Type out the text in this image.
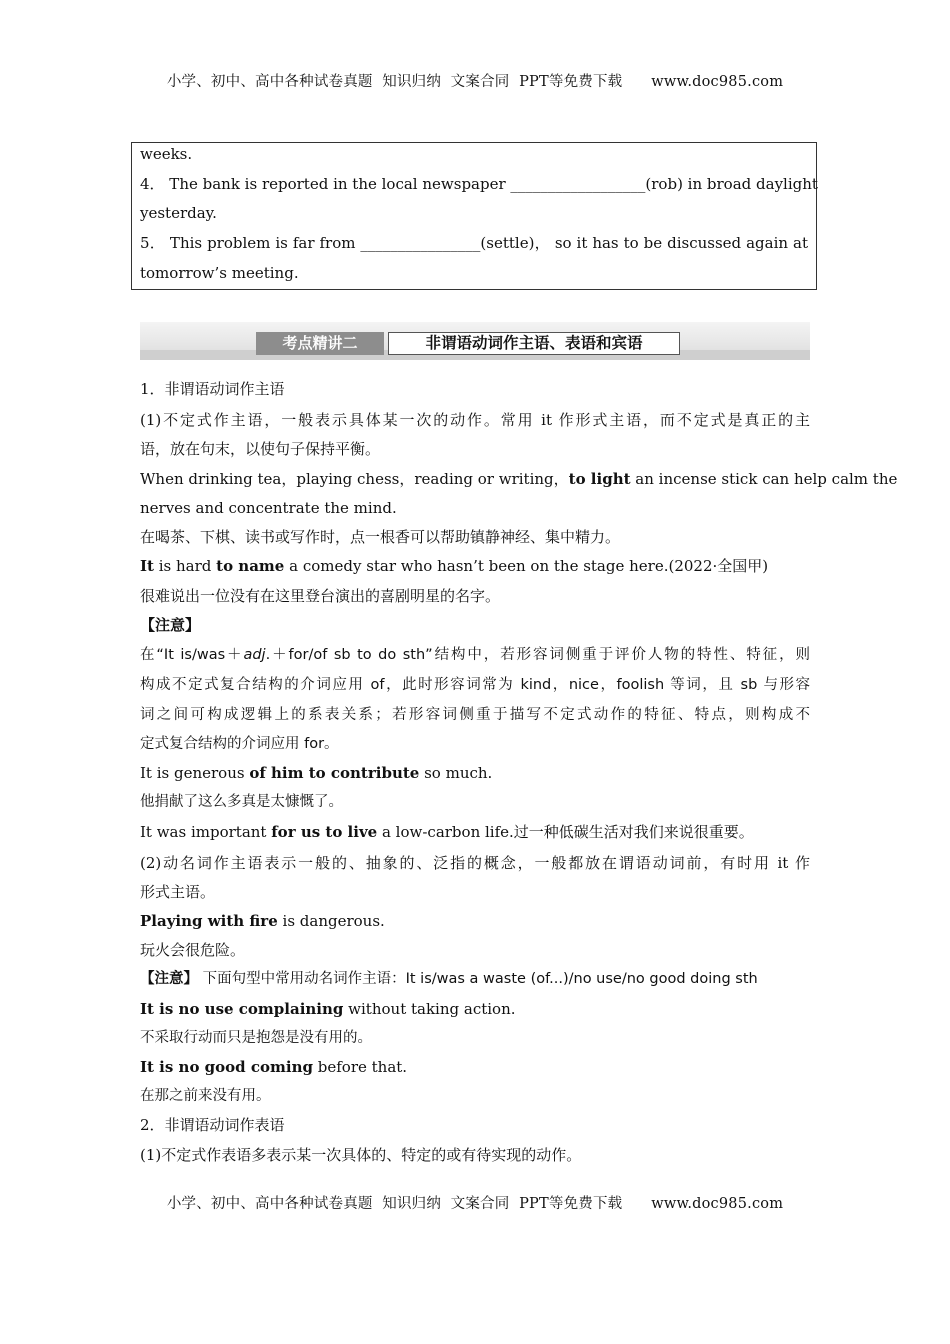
小学、初中、高中各种试卷真题  知识归纳  文案合同  PPT等免费下载      www.doc985.com
weeks.
4． The bank is reported in the local newspaper __________________(rob) in broad daylight
yesterday.
5． This problem is far from ________________(settle)， so it has to be discussed again at
tomorrow’s meeting.
考点精讲二	非谓语动词作主语、表语和宾语
1．非谓语动词作主语
(1)不定式作主语，一般表示具体某一次的动作。常用 it 作形式主语，而不定式是真正的主
语，放在句末，以使句子保持平衡。
When drinking tea，playing chess，reading or writing，to light an incense stick can help calm the
nerves and concentrate the mind.
在喝茶、下棋、读书或写作时，点一根香可以帮助镇静神经、集中精力。
It is hard to name a comedy star who hasn’t been on the stage here.(2022·全国甲)
很难说出一位没有在这里登台演出的喜剧明星的名字。
【注意】
在“It is/was＋adj.＋for/of sb to do sth”结构中，若形容词侧重于评价人物的特性、特征，则
构成不定式复合结构的介词应用 of，此时形容词常为 kind，nice，foolish 等词，且 sb 与形容
词之间可构成逻辑上的系表关系；若形容词侧重于描写不定式动作的特征、特点，则构成不
定式复合结构的介词应用 for。
It is generous of him to contribute so much.
他捐献了这么多真是太慷慨了。
It was important for us to live a low-carbon life.过一种低碳生活对我们来说很重要。
(2)动名词作主语表示一般的、抽象的、泛指的概念，一般都放在谓语动词前，有时用 it 作
形式主语。
Playing with fire is dangerous.
玩火会很危险。
【注意】 下面句型中常用动名词作主语：It is/was a waste (of...)/no use/no good doing sth
It is no use complaining without taking action.
不采取行动而只是抱怨是没有用的。
It is no good coming before that.
在那之前来没有用。
2．非谓语动词作表语
(1)不定式作表语多表示某一次具体的、特定的或有待实现的动作。
小学、初中、高中各种试卷真题  知识归纳  文案合同  PPT等免费下载      www.doc985.com
